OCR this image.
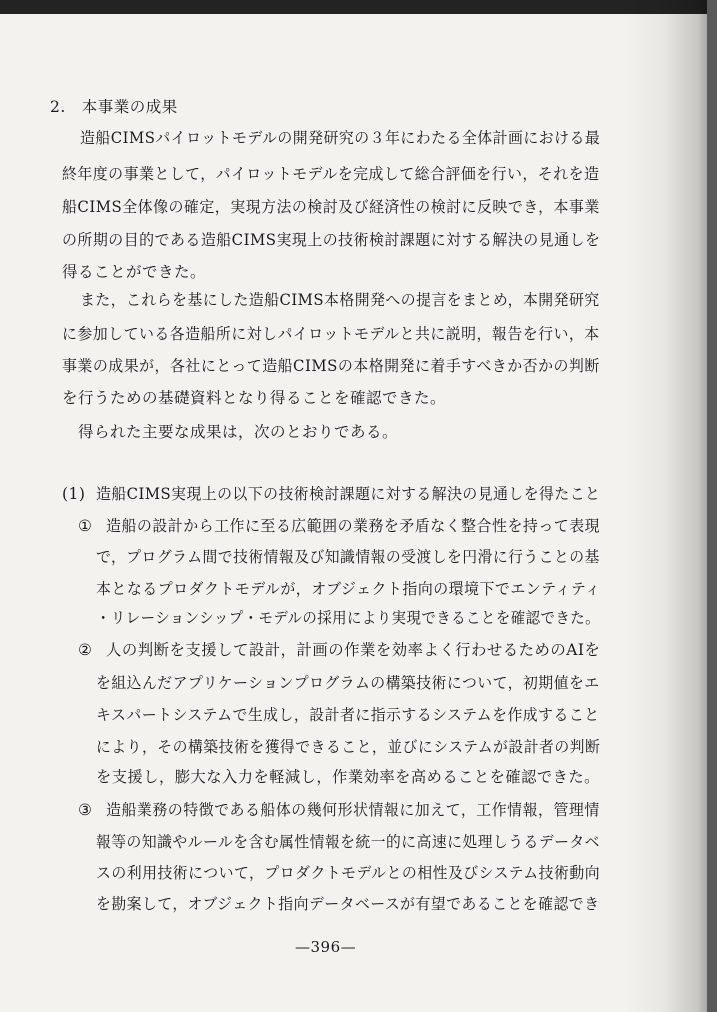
2.　本事業の成果
造船CIMSパイロットモデルの開発研究の３年にわたる全体計画における最
終年度の事業として，パイロットモデルを完成して総合評価を行い，それを造
船CIMS全体像の確定，実現方法の検討及び経済性の検討に反映でき，本事業
の所期の目的である造船CIMS実現上の技術検討課題に対する解決の見通しを
得ることができた。
また，これらを基にした造船CIMS本格開発への提言をまとめ，本開発研究
に参加している各造船所に対しパイロットモデルと共に説明，報告を行い，本
事業の成果が，各社にとって造船CIMSの本格開発に着手すべきか否かの判断
を行うための基礎資料となり得ることを確認できた。
得られた主要な成果は，次のとおりである。
(1) 造船CIMS実現上の以下の技術検討課題に対する解決の見通しを得たこと
① 造船の設計から工作に至る広範囲の業務を矛盾なく整合性を持って表現
で，プログラム間で技術情報及び知識情報の受渡しを円滑に行うことの基
本となるプロダクトモデルが，オブジェクト指向の環境下でエンティティ
・リレーションシップ・モデルの採用により実現できることを確認できた。
② 人の判断を支援して設計，計画の作業を効率よく行わせるためのAIを
を組込んだアプリケーションプログラムの構築技術について，初期値をエ
キスパートシステムで生成し，設計者に指示するシステムを作成すること
により，その構築技術を獲得できること，並びにシステムが設計者の判断
を支援し，膨大な入力を軽減し，作業効率を高めることを確認できた。
③ 造船業務の特徴である船体の幾何形状情報に加えて，工作情報，管理情
報等の知識やルールを含む属性情報を統一的に高速に処理しうるデータベ
スの利用技術について，プロダクトモデルとの相性及びシステム技術動向
を勘案して，オブジェクト指向データベースが有望であることを確認でき
—396—
